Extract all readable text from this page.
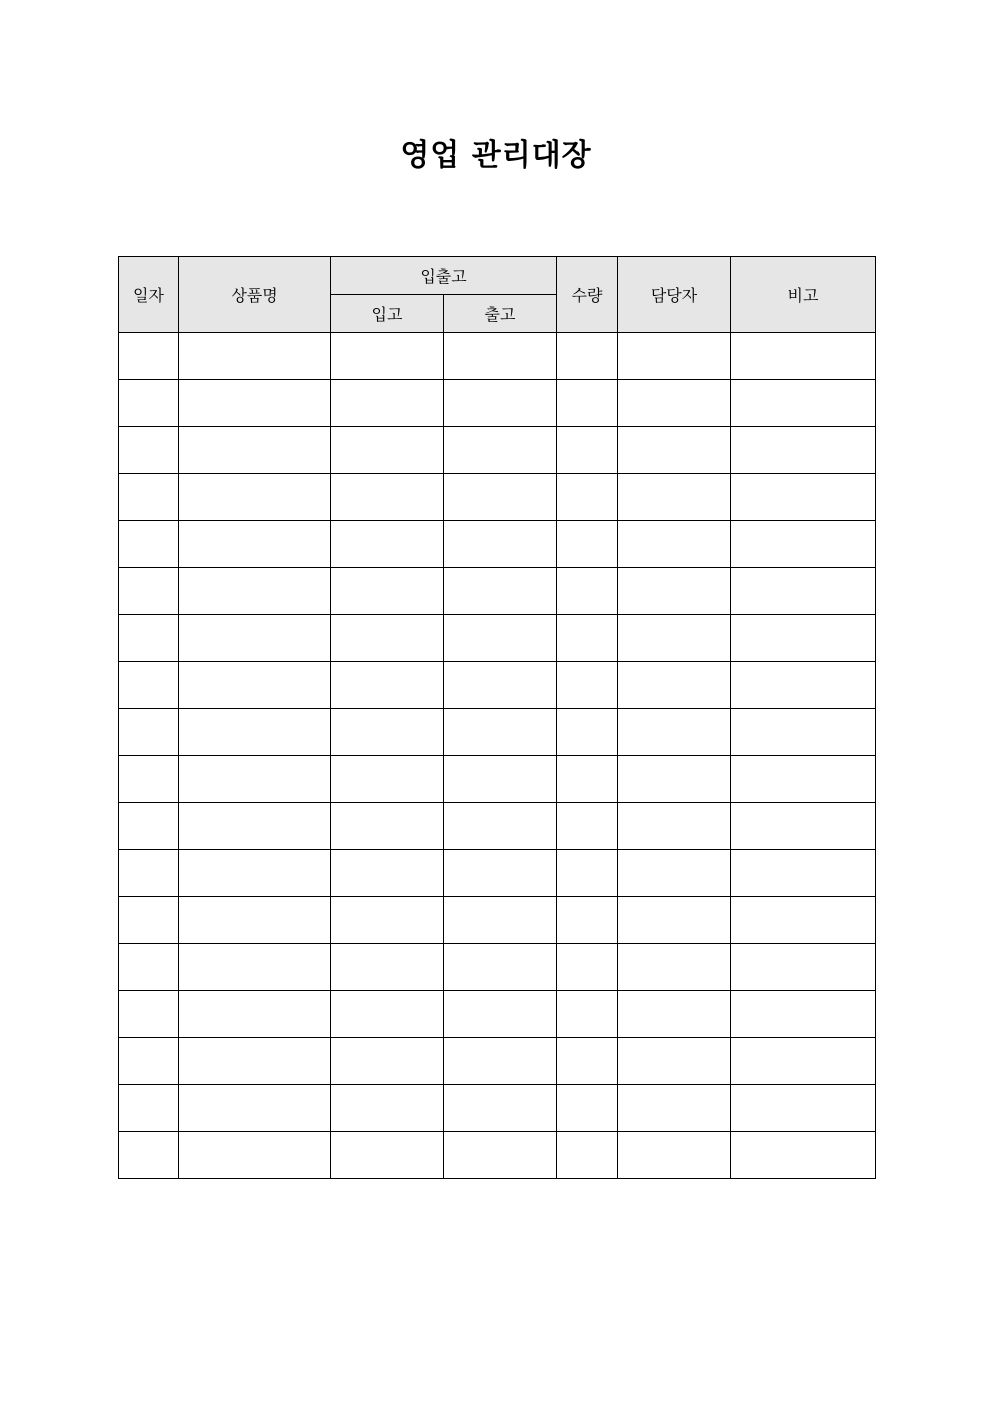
영업 관리대장
일자	상품명	입출고		수량	담당자	비고
		입고	출고			
